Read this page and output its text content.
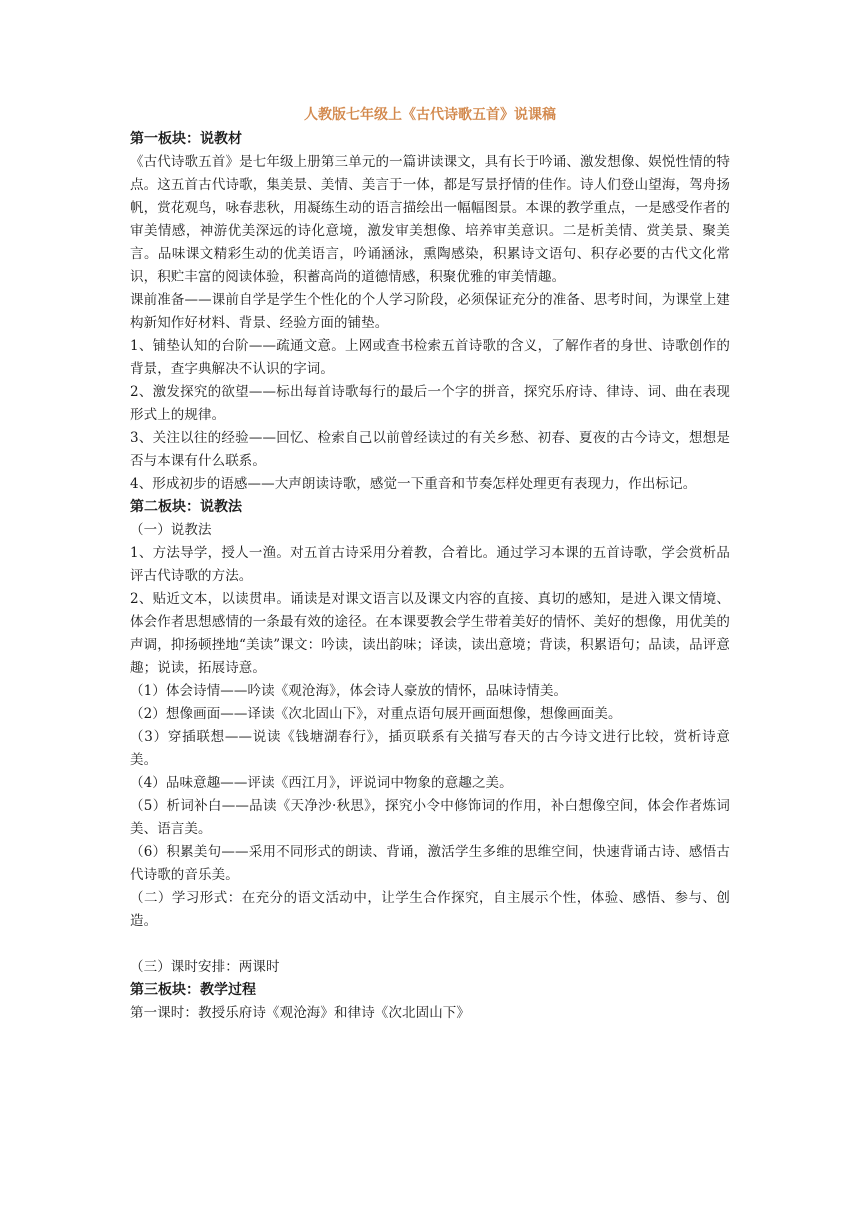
人教版七年级上《古代诗歌五首》说课稿
第一板块：说教材

《古代诗歌五首》是七年级上册第三单元的一篇讲读课文，具有长于吟诵、激发想像、娱悦性情的特点。这五首古代诗歌，集美景、美情、美言于一体，都是写景抒情的佳作。诗人们登山望海，驾舟扬帆，赏花观鸟，咏春悲秋，用凝练生动的语言描绘出一幅幅图景。本课的教学重点，一是感受作者的审美情感，神游优美深远的诗化意境，激发审美想像、培养审美意识。二是析美情、赏美景、聚美言。品味课文精彩生动的优美语言，吟诵涵泳，熏陶感染，积累诗文语句、积存必要的古代文化常识，积贮丰富的阅读体验，积蓄高尚的道德情感，积聚优雅的审美情趣。

课前准备——课前自学是学生个性化的个人学习阶段，必须保证充分的准备、思考时间，为课堂上建构新知作好材料、背景、经验方面的铺垫。

1、铺垫认知的台阶——疏通文意。上网或查书检索五首诗歌的含义，了解作者的身世、诗歌创作的背景，查字典解决不认识的字词。

2、激发探究的欲望——标出每首诗歌每行的最后一个字的拼音，探究乐府诗、律诗、词、曲在表现形式上的规律。

3、关注以往的经验——回忆、检索自己以前曾经读过的有关乡愁、初春、夏夜的古今诗文，想想是否与本课有什么联系。

4、形成初步的语感——大声朗读诗歌，感觉一下重音和节奏怎样处理更有表现力，作出标记。

第二板块：说教法

（一）说教法

1、方法导学，授人一渔。对五首古诗采用分着教，合着比。通过学习本课的五首诗歌，学会赏析品评古代诗歌的方法。

2、贴近文本，以读贯串。诵读是对课文语言以及课文内容的直接、真切的感知，是进入课文情境、体会作者思想感情的一条最有效的途径。在本课要教会学生带着美好的情怀、美好的想像，用优美的声调，抑扬顿挫地“美读”课文：吟读，读出韵味；译读，读出意境；背读，积累语句；品读，品评意趣；说读，拓展诗意。

（1）体会诗情——吟读《观沧海》，体会诗人豪放的情怀，品味诗情美。

（2）想像画面——译读《次北固山下》，对重点语句展开画面想像，想像画面美。

（3）穿插联想——说读《钱塘湖春行》，插页联系有关描写春天的古今诗文进行比较，赏析诗意美。

（4）品味意趣——评读《西江月》，评说词中物象的意趣之美。

（5）析词补白——品读《天净沙·秋思》，探究小令中修饰词的作用，补白想像空间，体会作者炼词美、语言美。

（6）积累美句——采用不同形式的朗读、背诵，激活学生多维的思维空间，快速背诵古诗、感悟古代诗歌的音乐美。

（二）学习形式：在充分的语文活动中，让学生合作探究，自主展示个性，体验、感悟、参与、创造。

（三）课时安排：两课时

第三板块：教学过程

第一课时：教授乐府诗《观沧海》和律诗《次北固山下》
